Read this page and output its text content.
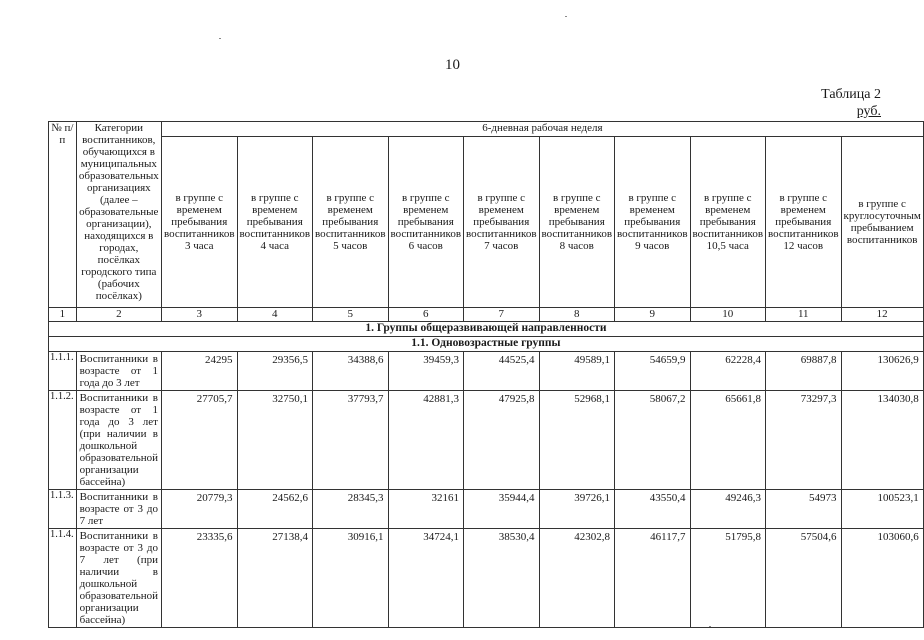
10
Таблица 2
руб.
№ п/п	Категории воспитанников, обучающихся в муниципальных образовательных организациях (далее – образовательные организации), находящихся в городах, посёлках городского типа (рабочих посёлках)	6-дневная рабочая неделя									
		в группе с временем пребывания воспитанников 3 часа	в группе с временем пребывания воспитанников 4 часа	в группе с временем пребывания воспитанников 5 часов	в группе с временем пребывания воспитанников 6 часов	в группе с временем пребывания воспитанников 7 часов	в группе с временем пребывания воспитанников 8 часов	в группе с временем пребывания воспитанников 9 часов	в группе с временем пребывания воспитанников 10,5 часа	в группе с временем пребывания воспитанников 12 часов	в группе с круглосуточным пребыванием воспитанников
1	2	3	4	5	6	7	8	9	10	11	12
1. Группы общеразвивающей направленности											
1.1. Одновозрастные группы											
1.1.1.	Воспитанники в возрасте от 1 года до 3 лет	24295	29356,5	34388,6	39459,3	44525,4	49589,1	54659,9	62228,4	69887,8	130626,9
1.1.2.	Воспитанники в возрасте от 1 года до 3 лет (при наличии в дошкольной образовательной организации бассейна)	27705,7	32750,1	37793,7	42881,3	47925,8	52968,1	58067,2	65661,8	73297,3	134030,8
1.1.3.	Воспитанники в возрасте от 3 до 7 лет	20779,3	24562,6	28345,3	32161	35944,4	39726,1	43550,4	49246,3	54973	100523,1
1.1.4.	Воспитанники в возрасте от 3 до 7 лет (при наличии в дошкольной образовательной организации бассейна)	23335,6	27138,4	30916,1	34724,1	38530,4	42302,8	46117,7	51795,8	57504,6	103060,6
